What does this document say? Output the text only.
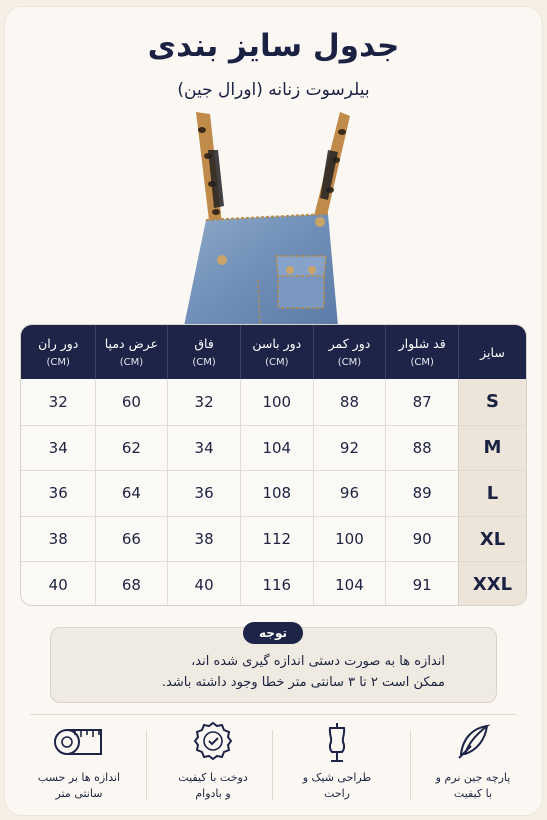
جدول سایز بندی
بیلرسوت زنانه (اورال جین)
سایز
قد شلوار
(CM)
دور کمر
(CM)
دور باسن
(CM)
فاق
(CM)
عرض دمپا
(CM)
دور ران
(CM)
S
87
88
100
32
60
32
M
88
92
104
34
62
34
L
89
96
108
36
64
36
XL
90
100
112
38
66
38
XXL
91
104
116
40
68
40
توجه
اندازه ها به صورت دستی اندازه گیری شده اند،
ممکن است ۲ تا ۳ سانتی متر خطا وجود داشته باشد.
پارچه جین نرم و
با کیفیت
طراحی شیک و
راحت
دوخت با کیفیت
و بادوام
اندازه ها بر حسب
سانتی متر
